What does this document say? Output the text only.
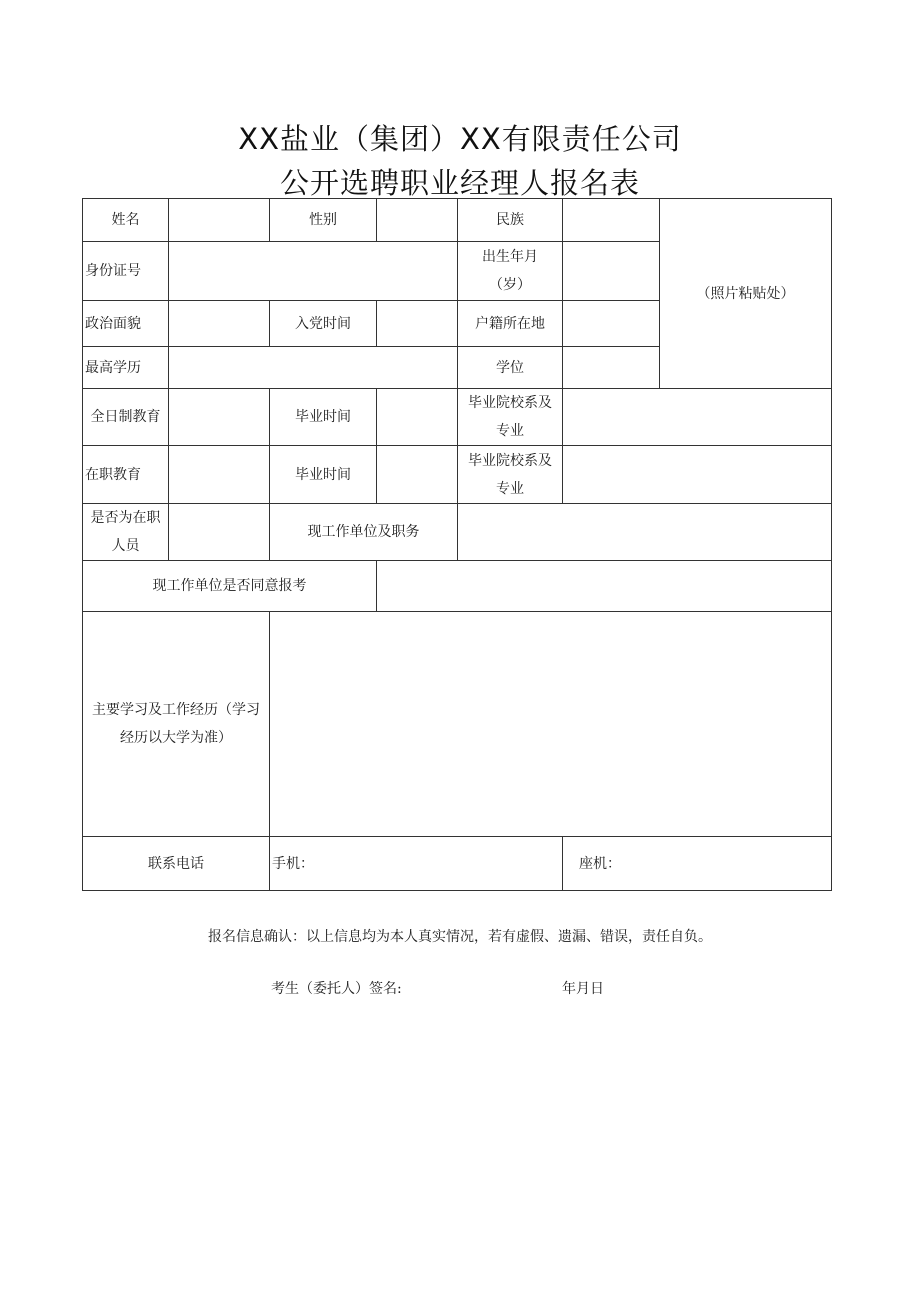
XX盐业（集团）XX有限责任公司
公开选聘职业经理人报名表
姓名		性别		民族		（照片粘贴处）
身份证号				出生年月
（岁）		

政治面貌		入党时间		户籍所在地		
最高学历				学位		
全日制教育		毕业时间		毕业院校系及
专业		

在职教育		毕业时间		毕业院校系及
专业		

是否为在职
人员		现工作单位及职务				
现工作单位是否同意报考						

主要学习及工作经历（学习
经历以大学为准）						

联系电话		手机：			座机：	
报名信息确认：以上信息均为本人真实情况，若有虚假、遗漏、错误，责任自负。
考生（委托人）签名:	年月日
